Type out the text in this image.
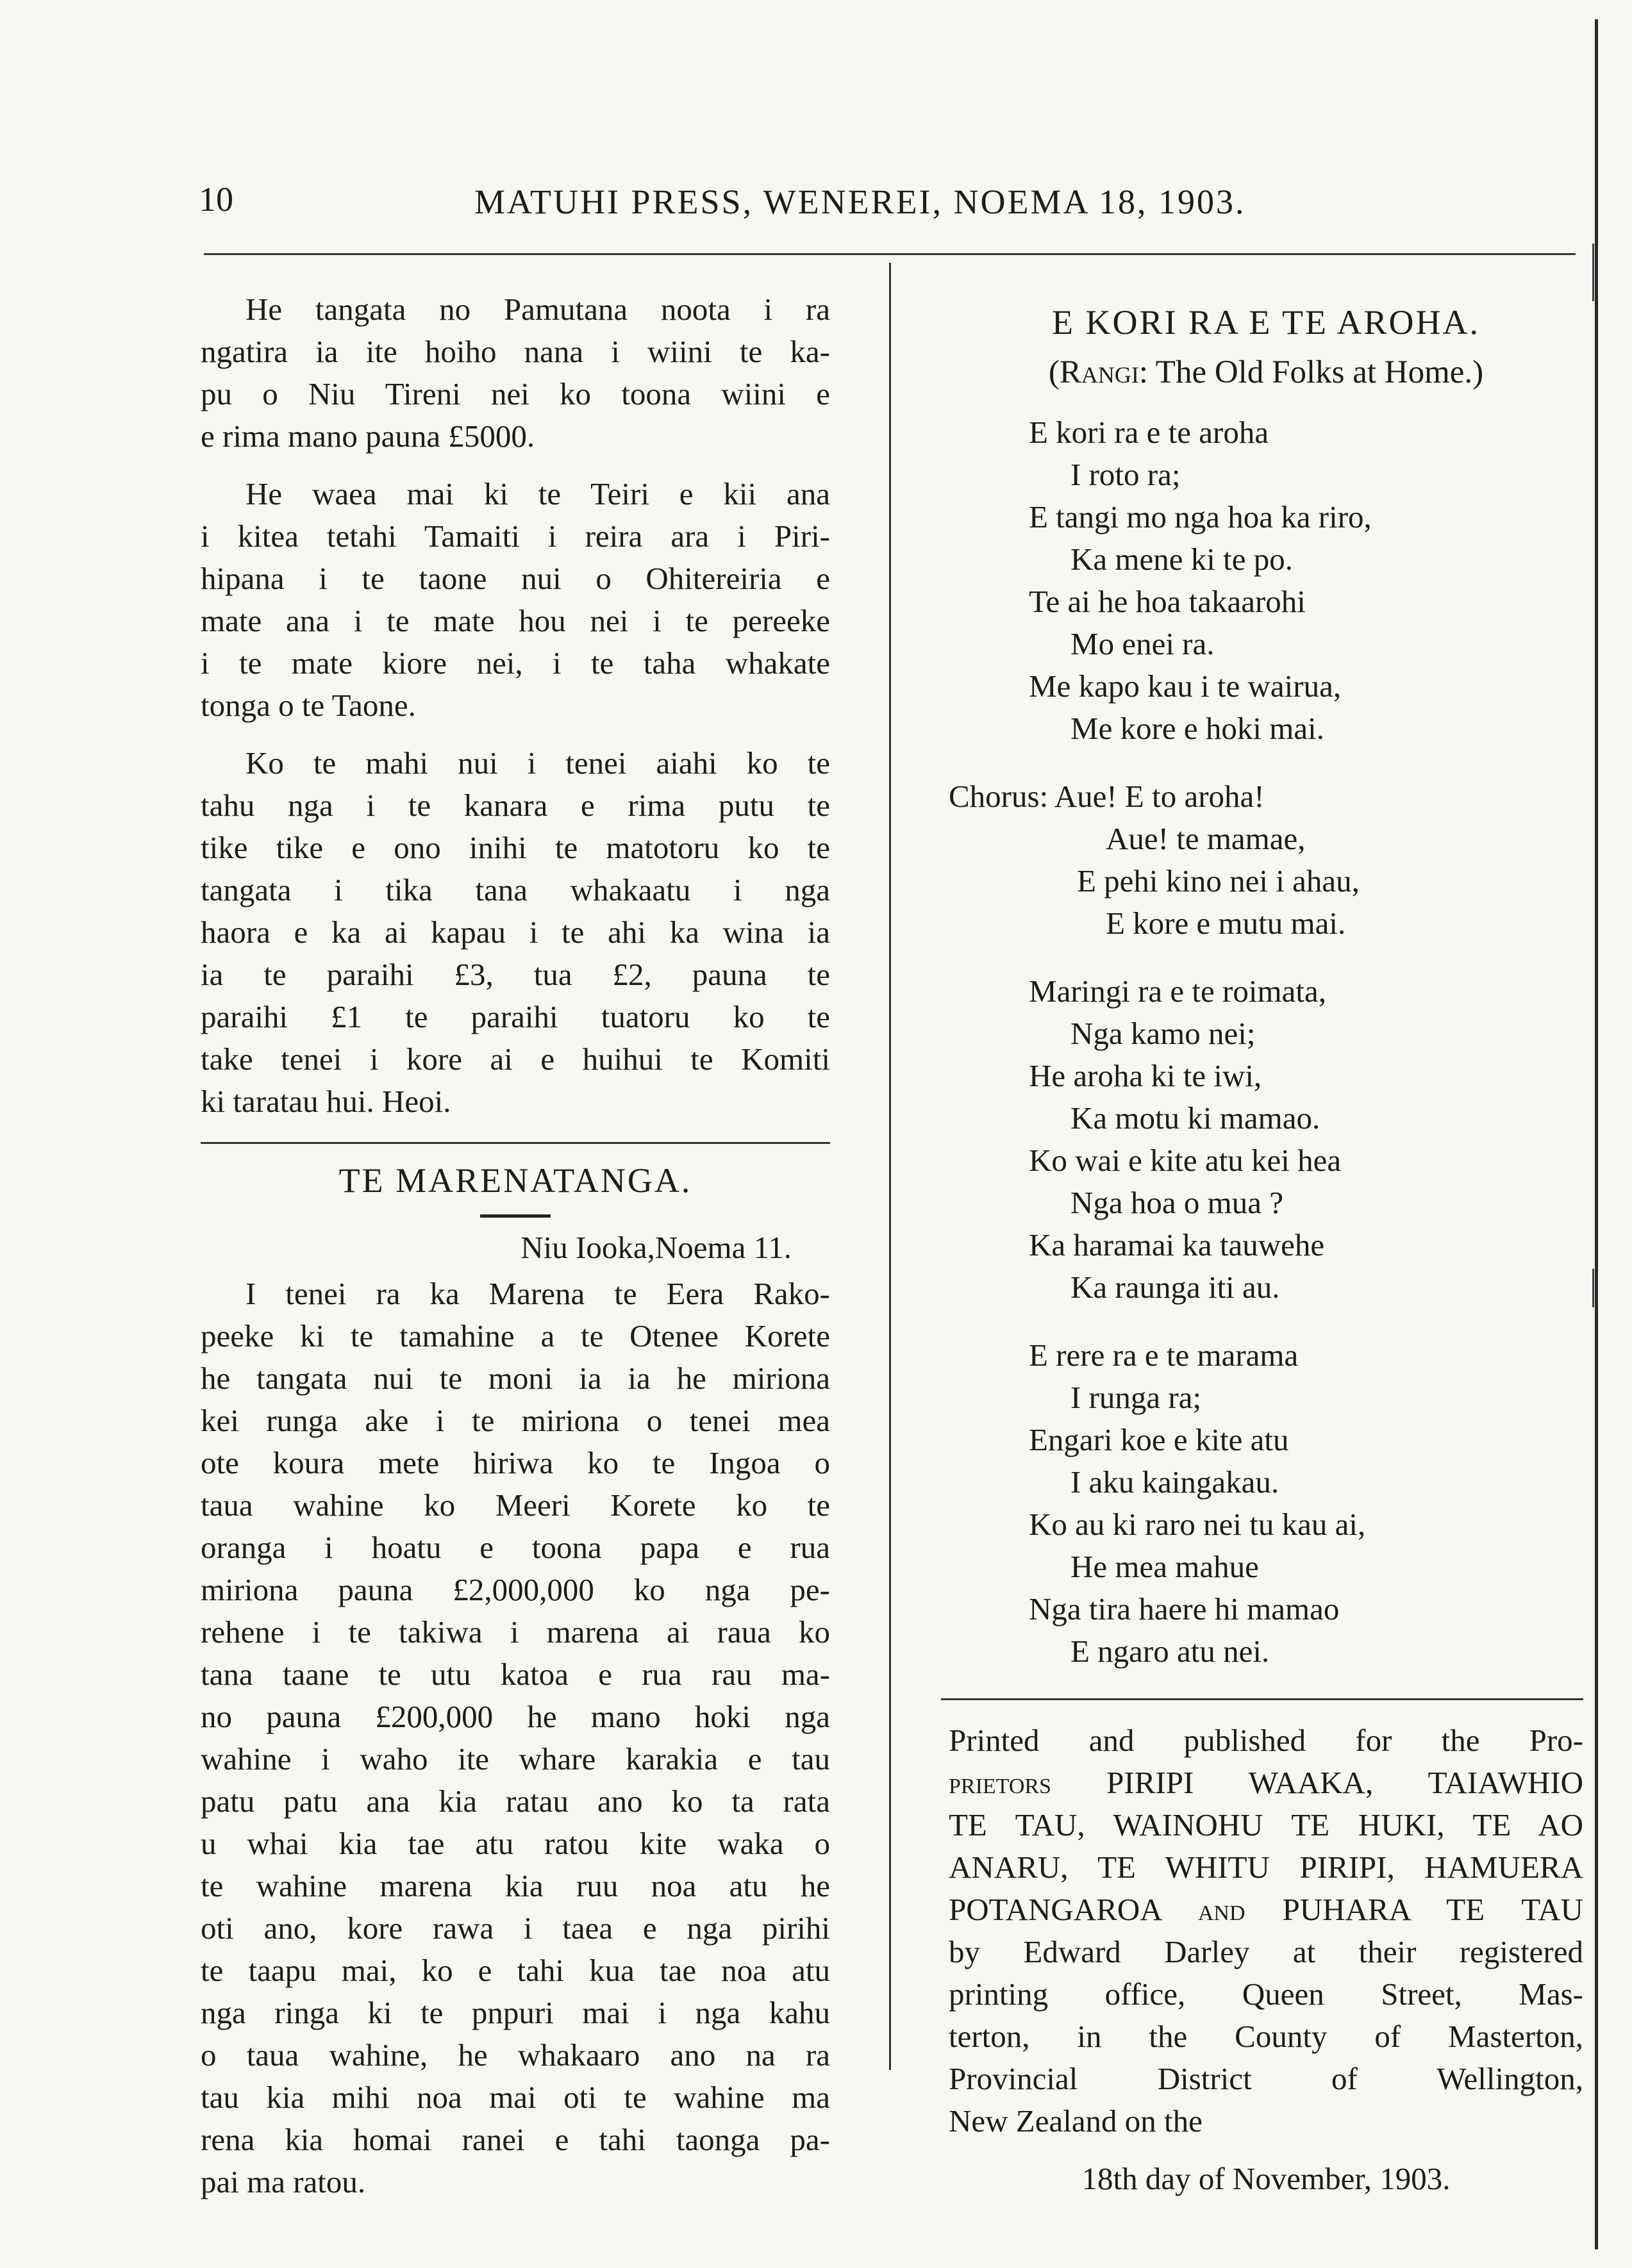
10	MATUHI PRESS, WENEREI, NOEMA 18, 1903.
He tangata no Pamutana noota i ra
ngatira ia ite hoiho nana i wiini te ka-
pu o Niu Tireni nei ko toona wiini e
e rima mano pauna £5000.
He waea mai ki te Teiri e kii ana
i kitea tetahi Tamaiti i reira ara i Piri-
hipana i te taone nui o Ohitereiria e
mate ana i te mate hou nei i te pereeke
i te mate kiore nei, i te taha whakate
tonga o te Taone.
Ko te mahi nui i tenei aiahi ko te
tahu nga i te kanara e rima putu te
tike tike e ono inihi te matotoru ko te
tangata i tika tana whakaatu i nga
haora e ka ai kapau i te ahi ka wina ia
ia te paraihi £3, tua £2, pauna te
paraihi £1 te paraihi tuatoru ko te
take tenei i kore ai e huihui te Komiti
ki taratau hui. Heoi.
TE MARENATANGA.
Niu Iooka,Noema 11.
I tenei ra ka Marena te Eera Rako-
peeke ki te tamahine a te Otenee Korete
he tangata nui te moni ia ia he miriona
kei runga ake i te miriona o tenei mea
ote koura mete hiriwa ko te Ingoa o
taua wahine ko Meeri Korete ko te
oranga i hoatu e toona papa e rua
miriona pauna £2,000,000 ko nga pe-
rehene i te takiwa i marena ai raua ko
tana taane te utu katoa e rua rau ma-
no pauna £200,000 he mano hoki nga
wahine i waho ite whare karakia e tau
patu patu ana kia ratau ano ko ta rata
u whai kia tae atu ratou kite waka o
te wahine marena kia ruu noa atu he
oti ano, kore rawa i taea e nga pirihi
te taapu mai, ko e tahi kua tae noa atu
nga ringa ki te pnpuri mai i nga kahu
o taua wahine, he whakaaro ano na ra
tau kia mihi noa mai oti te wahine ma
rena kia homai ranei e tahi taonga pa-
pai ma ratou.
E KORI RA E TE AROHA.
(Rangi: The Old Folks at Home.)
E kori ra e te aroha
I roto ra;
E tangi mo nga hoa ka riro,
Ka mene ki te po.
Te ai he hoa takaarohi
Mo enei ra.
Me kapo kau i te wairua,
Me kore e hoki mai.
Chorus: Aue! E to aroha!
Aue! te mamae,
E pehi kino nei i ahau,
E kore e mutu mai.
Maringi ra e te roimata,
Nga kamo nei;
He aroha ki te iwi,
Ka motu ki mamao.
Ko wai e kite atu kei hea
Nga hoa o mua ?
Ka haramai ka tauwehe
Ka raunga iti au.
E rere ra e te marama
I runga ra;
Engari koe e kite atu
I aku kaingakau.
Ko au ki raro nei tu kau ai,
He mea mahue
Nga tira haere hi mamao
E ngaro atu nei.
Printed and published for the Pro-
prietors PIRIPI WAAKA, TAIAWHIO
TE TAU, WAINOHU TE HUKI, TE AO
ANARU, TE WHITU PIRIPI, HAMUERA
POTANGAROA and PUHARA TE TAU
by Edward Darley at their registered
printing office, Queen Street, Mas-
terton, in the County of Masterton,
Provincial District of Wellington,
New Zealand on the
18th day of November, 1903.
